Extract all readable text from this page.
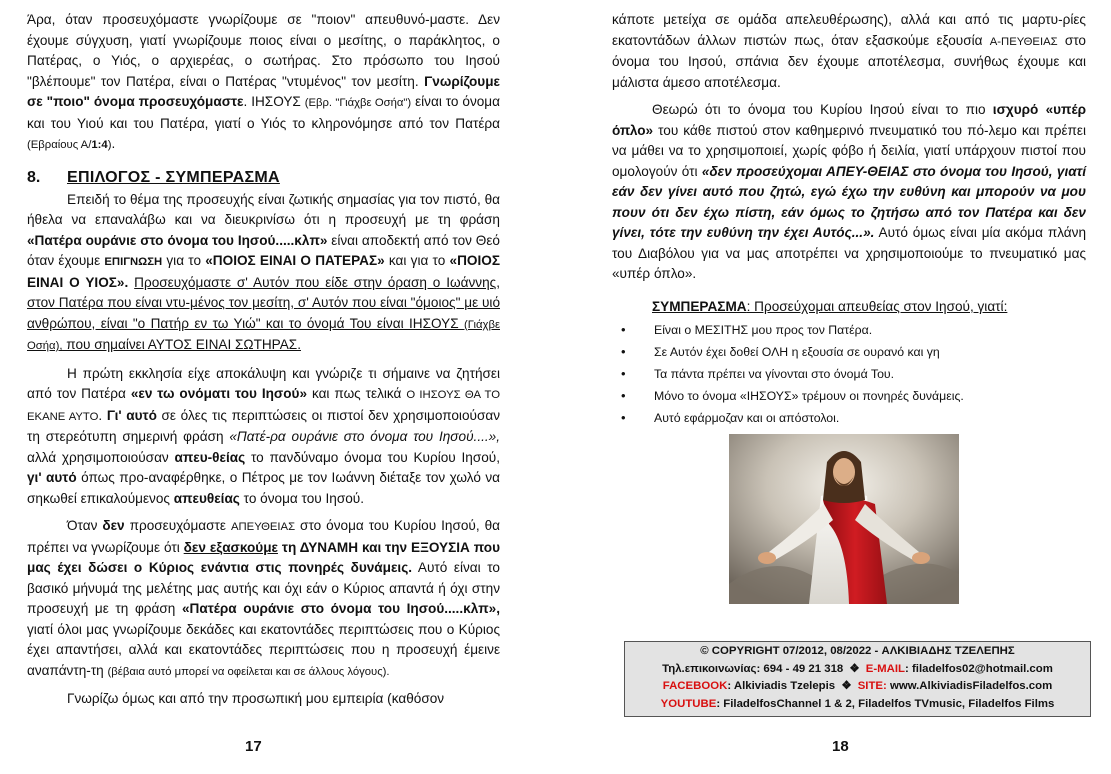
Άρα, όταν προσευχόμαστε γνωρίζουμε σε "ποιον" απευθυνό-μαστε. Δεν έχουμε σύγχυση, γιατί γνωρίζουμε ποιος είναι ο μεσίτης, ο παράκλητος, ο Πατέρας, ο Υιός, ο αρχιερέας, ο σωτήρας. Στο πρόσωπο του Ιησού "βλέπουμε" τον Πατέρα, είναι ο Πατέρας "ντυμένος" τον μεσίτη. Γνωρίζουμε σε "ποιο" όνομα προσευχόμαστε. ΙΗΣΟΥΣ (Εβρ. "Γιάχβε Οσήα") είναι το όνομα και του Υιού και του Πατέρα, γιατί ο Υιός το κληρονόμησε από τον Πατέρα (Εβραίους Α/1:4).

8.	ΕΠΙΛΟΓΟΣ - ΣΥΜΠΕΡΑΣΜΑ

Επειδή το θέμα της προσευχής είναι ζωτικής σημασίας για τον πιστό, θα ήθελα να επαναλάβω και να διευκρινίσω ότι η προσευχή με τη φράση «Πατέρα ουράνιε στο όνομα του Ιησού.....κλπ» είναι αποδεκτή από τον Θεό όταν έχουμε ΕΠΙΓΝΩΣΗ για το «ΠΟΙΟΣ ΕΙΝΑΙ Ο ΠΑΤΕΡΑΣ» και για το «ΠΟΙΟΣ ΕΙΝΑΙ Ο ΥΙΟΣ». Προσευχόμαστε σ' Αυτόν που είδε στην όραση ο Ιωάννης, στον Πατέρα που είναι ντυ-μένος τον μεσίτη, σ' Αυτόν που είναι "όμοιος" με υιό ανθρώπου, είναι "ο Πατήρ εν τω Υιώ" και το όνομά Του είναι ΙΗΣΟΥΣ (Γιάχβε Οσήα), που σημαίνει ΑΥΤΟΣ ΕΙΝΑΙ ΣΩΤΗΡΑΣ.

Η πρώτη εκκλησία είχε αποκάλυψη και γνώριζε τι σήμαινε να ζητήσει από τον Πατέρα «εν τω ονόματι του Ιησού» και πως τελικά Ο ΙΗΣΟΥΣ ΘΑ ΤΟ ΕΚΑΝΕ ΑΥΤΟ. Γι' αυτό σε όλες τις περιπτώσεις οι πιστοί δεν χρησιμοποιούσαν τη στερεότυπη σημερινή φράση «Πατέ-ρα ουράνιε στο όνομα του Ιησού....», αλλά χρησιμοποιούσαν απευ-θείας το πανδύναμο όνομα του Κυρίου Ιησού, γι' αυτό όπως προ-αναφέρθηκε, ο Πέτρος με τον Ιωάννη διέταξε τον χωλό να σηκωθεί επικαλούμενος απευθείας το όνομα του Ιησού.

Όταν δεν προσευχόμαστε ΑΠΕΥΘΕΙΑΣ στο όνομα του Κυρίου Ιησού, θα πρέπει να γνωρίζουμε ότι δεν εξασκούμε τη ΔΥΝΑΜΗ και την ΕΞΟΥΣΙΑ που μας έχει δώσει ο Κύριος ενάντια στις πονηρές δυνάμεις. Αυτό είναι το βασικό μήνυμά της μελέτης μας αυτής και όχι εάν ο Κύριος απαντά ή όχι στην προσευχή με τη φράση «Πατέρα ουράνιε στο όνομα του Ιησού.....κλπ», γιατί όλοι μας γνωρίζουμε δεκάδες και εκατοντάδες περιπτώσεις που ο Κύριος έχει απαντήσει, αλλά και εκατοντάδες περιπτώσεις που η προσευχή έμεινε αναπάντη-τη (βέβαια αυτό μπορεί να οφείλεται και σε άλλους λόγους).

Γνωρίζω όμως και από την προσωπική μου εμπειρία (καθόσον

17

κάποτε μετείχα σε ομάδα απελευθέρωσης), αλλά και από τις μαρτυ-ρίες εκατοντάδων άλλων πιστών πως, όταν εξασκούμε εξουσία Α-ΠΕΥΘΕΙΑΣ στο όνομα του Ιησού, σπάνια δεν έχουμε αποτέλεσμα, συνήθως έχουμε και μάλιστα άμεσο αποτέλεσμα.

Θεωρώ ότι το όνομα του Κυρίου Ιησού είναι το πιο ισχυρό «υπέρ όπλο» του κάθε πιστού στον καθημερινό πνευματικό του πό-λεμο και πρέπει να μάθει να το χρησιμοποιεί, χωρίς φόβο ή δειλία, γιατί υπάρχουν πιστοί που ομολογούν ότι «δεν προσεύχομαι ΑΠΕΥ-ΘΕΙΑΣ στο όνομα του Ιησού, γιατί εάν δεν γίνει αυτό που ζητώ, εγώ έχω την ευθύνη και μπορούν να μου πουν ότι δεν έχω πίστη, εάν όμως το ζητήσω από τον Πατέρα και δεν γίνει, τότε την ευθύνη την έχει Αυτός...». Αυτό όμως είναι μία ακόμα πλάνη του Διαβόλου για να μας αποτρέπει να χρησιμοποιούμε το πνευματικό μας «υπέρ όπλο».

ΣΥΜΠΕΡΑΣΜΑ: Προσεύχομαι απευθείας στον Ιησού, γιατί:

• Είναι ο ΜΕΣΙΤΗΣ μου προς τον Πατέρα.
• Σε Αυτόν έχει δοθεί ΟΛΗ η εξουσία σε ουρανό και γη
• Τα πάντα πρέπει να γίνονται στο όνομά Του.
• Μόνο το όνομα «ΙΗΣΟΥΣ» τρέμουν οι πονηρές δυνάμεις.
• Αυτό εφάρμοζαν και οι απόστολοι.
© COPYRIGHT 07/2012, 08/2022 - ΑΛΚΙΒΙΑΔΗΣ ΤΖΕΛΕΠΗΣ
Τηλ.επικοινωνίας: 694 - 49 21 318 ❖ E-MAIL: filadelfos02@hotmail.com
FACEBOOK: Alkiviadis Tzelepis ❖ SITE: www.AlkiviadisFiladelfos.com
YOUTUBE: FiladelfosChannel 1 & 2, Filadelfos TVmusic, Filadelfos Films
18
